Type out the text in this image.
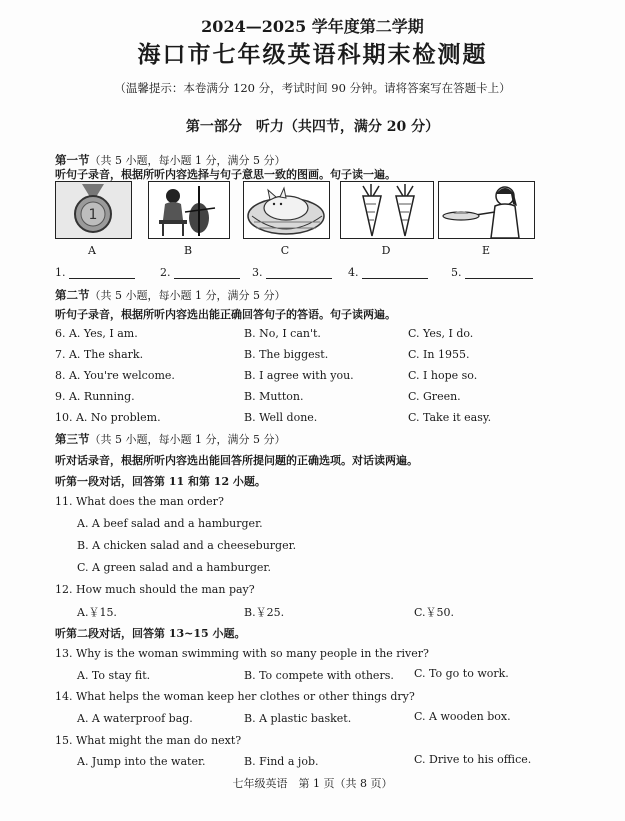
2024—2025 学年度第二学期
海口市七年级英语科期末检测题
（温馨提示：本卷满分 120 分，考试时间 90 分钟。请将答案写在答题卡上）
第一部分　听力（共四节，满分 20 分）
第一节（共 5 小题，每小题 1 分，满分 5 分）
听句子录音，根据所听内容选择与句子意思一致的图画。句子读一遍。
1
A	B	C	D	E
1.	2.	3.	4.	5.
第二节（共 5 小题，每小题 1 分，满分 5 分）
听句子录音，根据所听内容选出能正确回答句子的答语。句子读两遍。
6. A. Yes, I am.	B. No, I can't.	C. Yes, I do.
7. A. The shark.	B. The biggest.	C. In 1955.
8. A. You're welcome.	B. I agree with you.	C. I hope so.
9. A. Running.	B. Mutton.	C. Green.
10. A. No problem.	B. Well done.	C. Take it easy.
第三节（共 5 小题，每小题 1 分，满分 5 分）
听对话录音，根据所听内容选出能回答所提问题的正确选项。对话读两遍。
听第一段对话，回答第 11 和第 12 小题。
11. What does the man order?
A. A beef salad and a hamburger.
B. A chicken salad and a cheeseburger.
C. A green salad and a hamburger.
12. How much should the man pay?
A.￥15.	B.￥25.	C.￥50.
听第二段对话，回答第 13~15 小题。
13. Why is the woman swimming with so many people in the river?
A. To stay fit.	B. To compete with others. C. To go to work.
14. What helps the woman keep her clothes or other things dry?
A. A waterproof bag.	B. A plastic basket.	C. A wooden box.
15. What might the man do next?
A. Jump into the water.	B. Find a job.	C. Drive to his office.
七年级英语　第 1 页（共 8 页）
